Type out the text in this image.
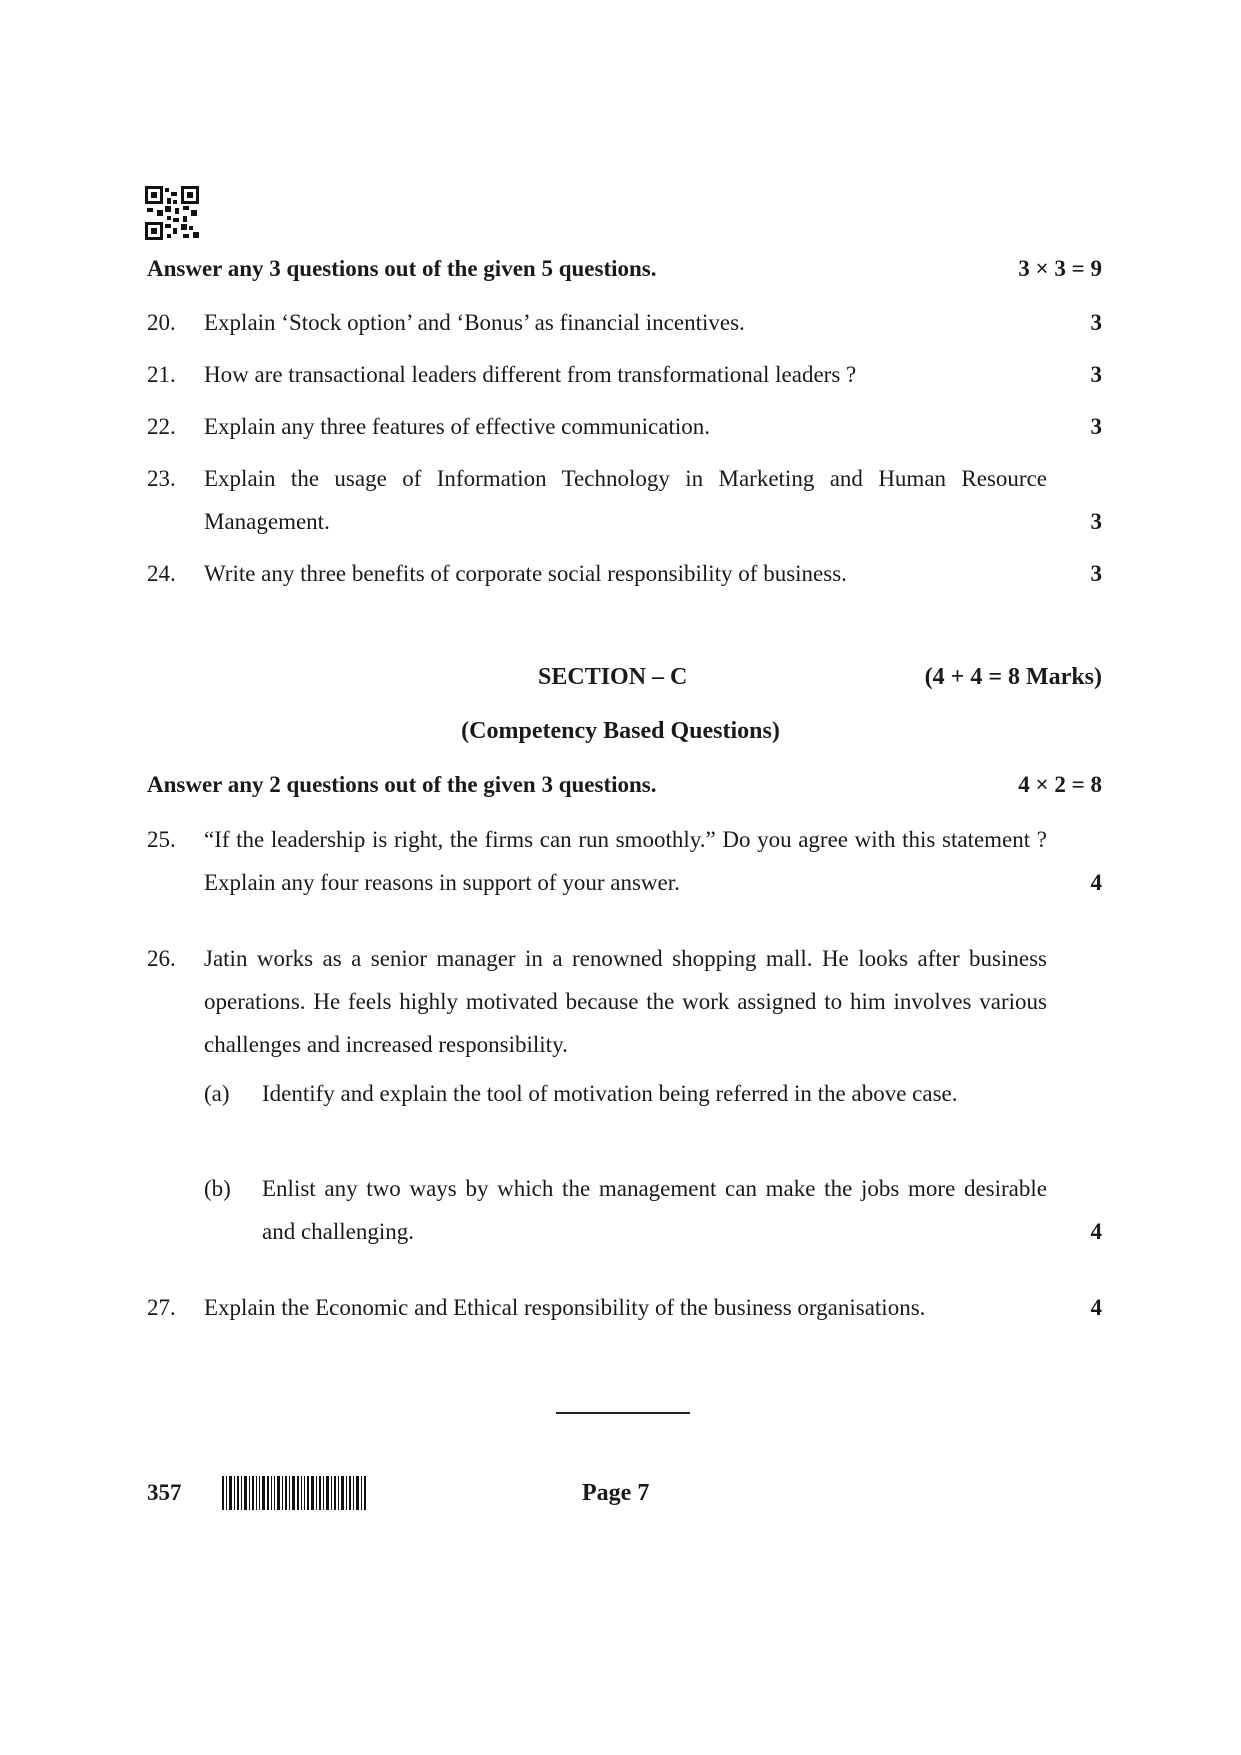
Answer any 3 questions out of the given 5 questions.	3 × 3 = 9
20. Explain ‘Stock option’ and ‘Bonus’ as financial incentives.	3
21. How are transactional leaders different from transformational leaders ?	3
22. Explain any three features of effective communication.	3
23. Explain the usage of Information Technology in Marketing and Human Resource Management.	3
24. Write any three benefits of corporate social responsibility of business.	3
SECTION – C	(4 + 4 = 8 Marks)
(Competency Based Questions)
Answer any 2 questions out of the given 3 questions.	4 × 2 = 8
25. “If the leadership is right, the firms can run smoothly.” Do you agree with this statement ? Explain any four reasons in support of your answer.	4
26. Jatin works as a senior manager in a renowned shopping mall. He looks after business operations. He feels highly motivated because the work assigned to him involves various challenges and increased responsibility.
(a) Identify and explain the tool of motivation being referred in the above case.
(b) Enlist any two ways by which the management can make the jobs more desirable and challenging.	4
27. Explain the Economic and Ethical responsibility of the business organisations.	4
357	Page 7
